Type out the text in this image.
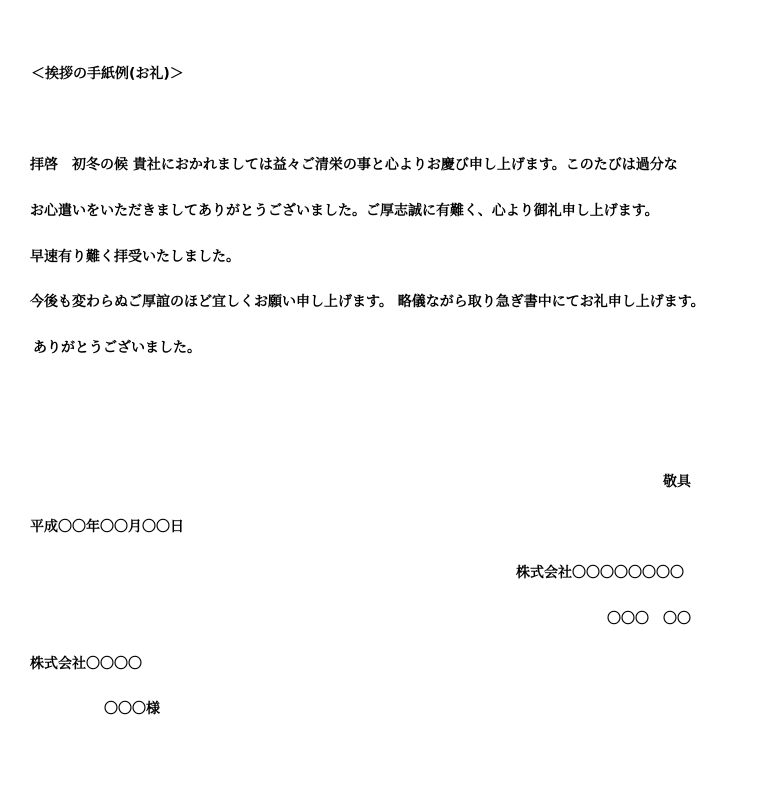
＜挨拶の手紙例(お礼)＞

拝啓　初冬の候 貴社におかれましては益々ご清栄の事と心よりお慶び申し上げます。このたびは過分な

お心遣いをいただきましてありがとうございました。ご厚志誠に有難く、心より御礼申し上げます。

早速有り難く拝受いたしました。

今後も変わらぬご厚誼のほど宜しくお願い申し上げます。 略儀ながら取り急ぎ書中にてお礼申し上げます。

ありがとうございました。

敬具

平成〇〇年〇〇月〇〇日

株式会社〇〇〇〇〇〇〇〇

〇〇〇　〇〇

株式会社〇〇〇〇

〇〇〇様
